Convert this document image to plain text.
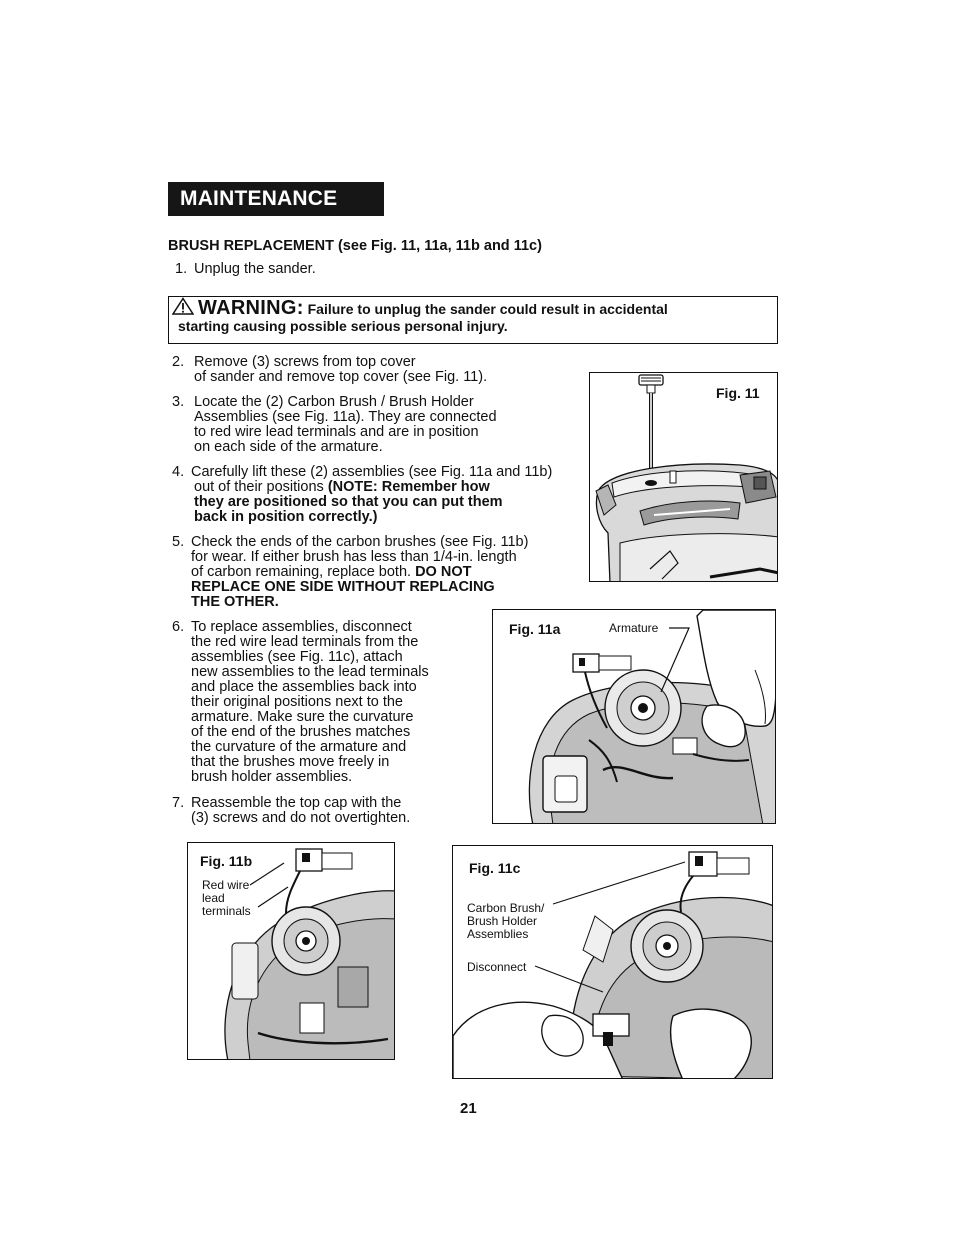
MAINTENANCE cont.
BRUSH REPLACEMENT (see Fig. 11, 11a, 11b and 11c)
1. Unplug the sander.
WARNING: Failure to unplug the sander could result in accidental
starting causing possible serious personal injury.
2. Remove (3) screws from top cover
of sander and remove top cover (see Fig. 11).
3. Locate the (2) Carbon Brush / Brush Holder
Assemblies (see Fig. 11a). They are connected
to red wire lead terminals and are in position
on each side of the armature.
4. Carefully lift these (2) assemblies (see Fig. 11a and 11b)
out of their positions (NOTE: Remember how
they are positioned so that you can put them
back in position correctly.)
5. Check the ends of the carbon brushes (see Fig. 11b)
for wear. If either brush has less than 1/4-in. length
of carbon remaining, replace both. DO NOT
REPLACE ONE SIDE WITHOUT REPLACING
THE OTHER.
6. To replace assemblies, disconnect
the red wire lead terminals from the
assemblies (see Fig. 11c), attach
new assemblies to the lead terminals
and place the assemblies back into
their original positions next to the
armature. Make sure the curvature
of the end of the brushes matches
the curvature of the armature and
that the brushes move freely in
brush holder assemblies.
7. Reassemble the top cap with the
(3) screws and do not overtighten.
Fig. 11
Fig. 11a	Armature
Fig. 11b
Red wire
lead
terminals
Fig. 11c
Carbon Brush/
Brush Holder
Assemblies
Disconnect
21
